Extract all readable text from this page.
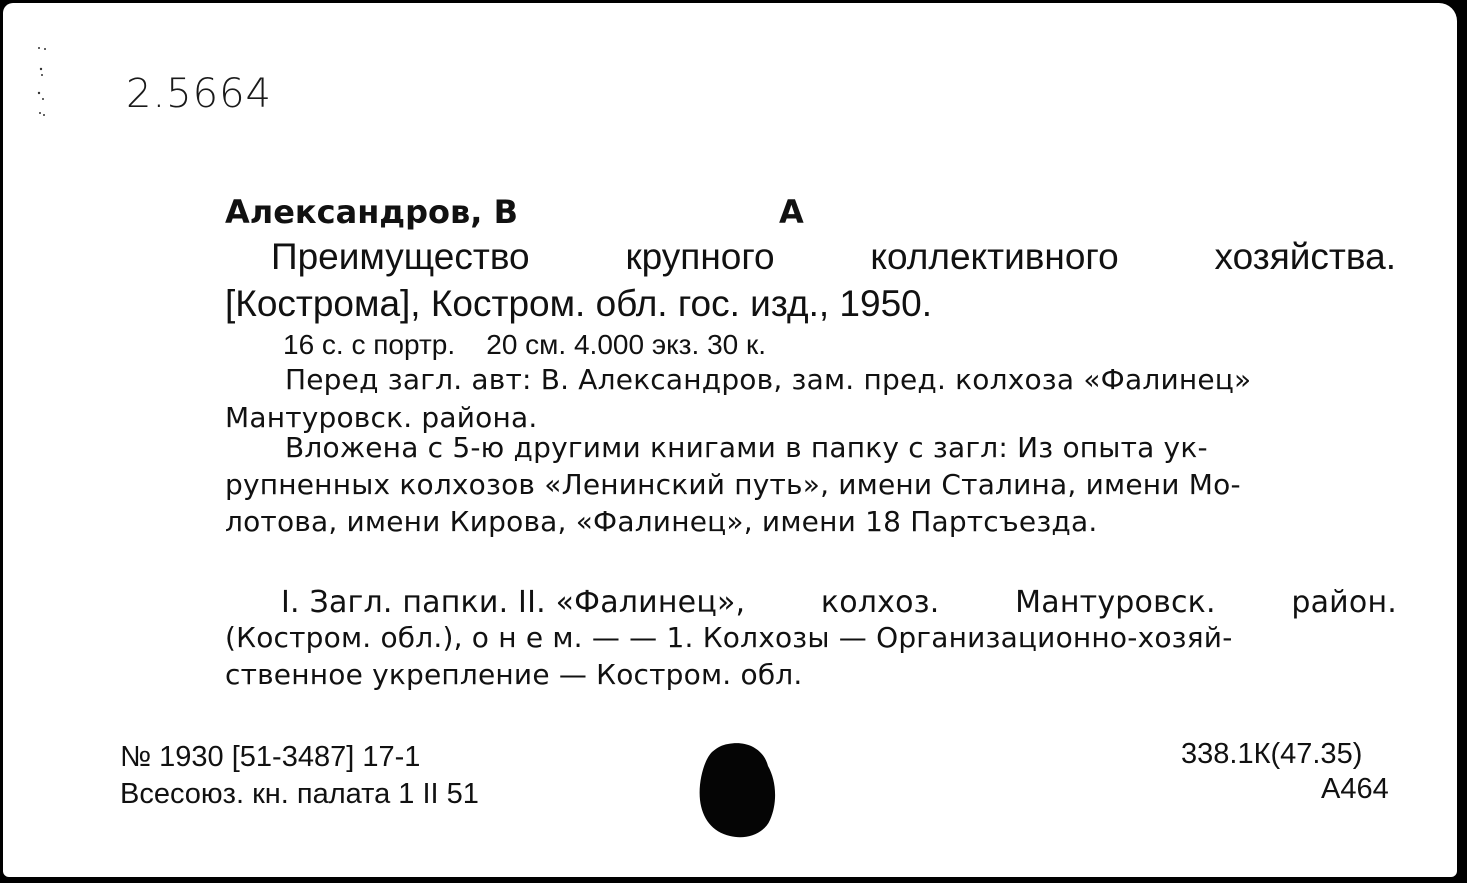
2.5664
Александров, В	А
Преимущество	крупного	коллективного	хозяйства.
[Кострома], Костром. обл. гос. изд., 1950.
16 с. с портр.    20 см. 4.000 экз. 30 к.
Перед загл. авт: В. Александров, зам. пред. колхоза «Фалинец»
Мантуровск. района.
Вложена с 5-ю другими книгами в папку с загл: Из опыта ук-
рупненных колхозов «Ленинский путь», имени Сталина, имени Мо-
лотова, имени Кирова, «Фалинец», имени 18 Партсъезда.
I. Загл. папки. II. «Фалинец»,	колхоз.	Мантуровск.	район.
(Костром. обл.), о н е м. — — 1. Колхозы — Организационно-хозяй-
ственное укрепление — Костром. обл.
№ 1930 [51-3487] 17-1
Всесоюз. кн. палата 1 II 51
338.1К(47.35)
А464
